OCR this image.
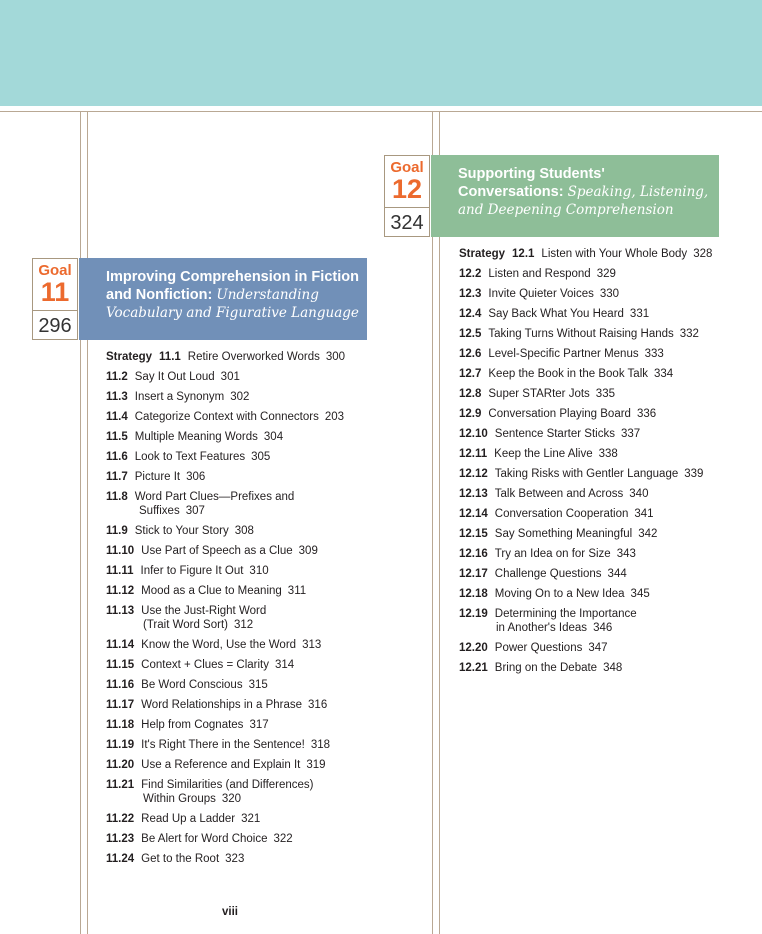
Goal
11
296
Improving Comprehension in Fiction
and Nonfiction: Understanding
Vocabulary and Figurative Language
Strategy 11.1 Retire Overworked Words 300
11.2 Say It Out Loud 301
11.3 Insert a Synonym 302
11.4 Categorize Context with Connectors 203
11.5 Multiple Meaning Words 304
11.6 Look to Text Features 305
11.7 Picture It 306
11.8 Word Part Clues—Prefixes and
Suffixes 307
11.9 Stick to Your Story 308
11.10 Use Part of Speech as a Clue 309
11.11 Infer to Figure It Out 310
11.12 Mood as a Clue to Meaning 311
11.13 Use the Just-Right Word
(Trait Word Sort) 312
11.14 Know the Word, Use the Word 313
11.15 Context + Clues = Clarity 314
11.16 Be Word Conscious 315
11.17 Word Relationships in a Phrase 316
11.18 Help from Cognates 317
11.19 It's Right There in the Sentence! 318
11.20 Use a Reference and Explain It 319
11.21 Find Similarities (and Differences)
Within Groups 320
11.22 Read Up a Ladder 321
11.23 Be Alert for Word Choice 322
11.24 Get to the Root 323
Goal
12
324
Supporting Students'
Conversations: Speaking, Listening,
and Deepening Comprehension
Strategy 12.1 Listen with Your Whole Body 328
12.2 Listen and Respond 329
12.3 Invite Quieter Voices 330
12.4 Say Back What You Heard 331
12.5 Taking Turns Without Raising Hands 332
12.6 Level-Specific Partner Menus 333
12.7 Keep the Book in the Book Talk 334
12.8 Super STARter Jots 335
12.9 Conversation Playing Board 336
12.10 Sentence Starter Sticks 337
12.11 Keep the Line Alive 338
12.12 Taking Risks with Gentler Language 339
12.13 Talk Between and Across 340
12.14 Conversation Cooperation 341
12.15 Say Something Meaningful 342
12.16 Try an Idea on for Size 343
12.17 Challenge Questions 344
12.18 Moving On to a New Idea 345
12.19 Determining the Importance
in Another's Ideas 346
12.20 Power Questions 347
12.21 Bring on the Debate 348
viii
